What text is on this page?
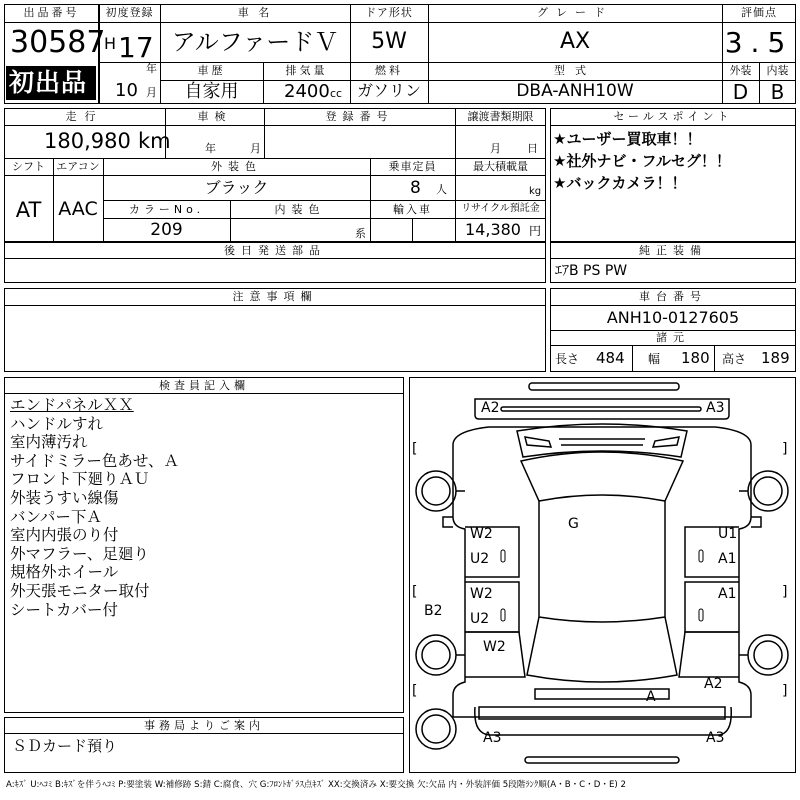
出品番号
30587
初出品
初度登録
H 17
年
10 月
車 名
アルファードＶ
ドア形状
5W
グレード
AX
評価点
3.5
車歴
自家用
排気量
2400 cc
燃料
ガソリン
型式
DBA-ANH10W
外装	内装
D	B
走行
180,980 km
車検
年	月
登録番号	譲渡書類期限
月 日
シフト
AT
エアコン
AAC
外装色
ブラック
乗車定員
8 人
最大積載量
kg
カラーNo.
209
内装色
系
輸入車	リサイクル預託金
14,380 円
後日発送部品
セールスポイント
★ユーザー買取車！！
★社外ナビ・フルセグ！！
★バックカメラ！！
純正装備
ｴｱB PS PW
注意事項欄	車台番号
ANH10-0127605
諸元
長さ 484 幅 180 高さ 189
検査員記入欄
エンドパネルＸＸ
ハンドルすれ
室内薄汚れ
サイドミラー色あせ、Ａ
フロント下廻りＡＵ
外装うすい線傷
バンパー下Ａ
室内内張のり付
外マフラー、足廻り
規格外ホイール
外天張モニター取付
シートカバー付
事務局よりご案内
ＳＤカード預り
[	]
[	]
[	]
A2	A3
G
W2
U2
W2
U2
W2
B2
U1
A1
A1
A2
A
A3	A3
A:ｷｽﾞ U:ﾍｺﾐ B:ｷｽﾞを伴うﾍｺﾐ P:要塗装 W:補修跡 S:錆 C:腐食、穴 G:ﾌﾛﾝﾄｶﾞﾗｽ点ｷｽﾞ XX:交換済み X:要交換 欠:欠品 内・外装評価 5段階ﾗﾝｸ順(A・B・C・D・E) 2
